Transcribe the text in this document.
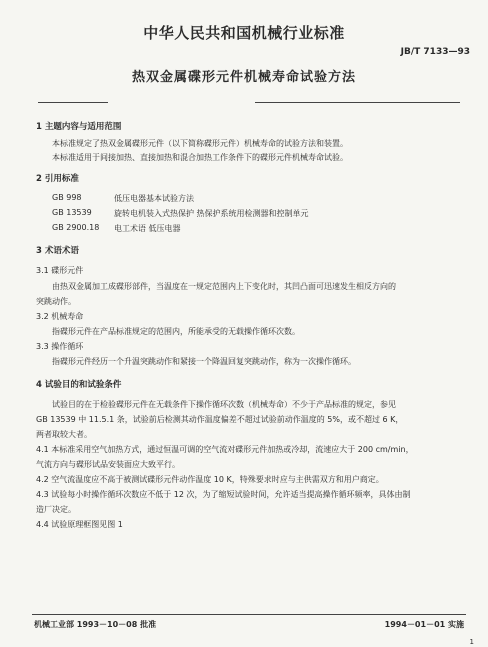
中华人民共和国机械行业标准
JB/T 7133—93
热双金属碟形元件机械寿命试验方法
1 主题内容与适用范围
本标准规定了热双金属碟形元件（以下简称碟形元件）机械寿命的试验方法和装置。
本标准适用于间接加热、直接加热和混合加热工作条件下的碟形元件机械寿命试验。
2 引用标准
GB 998	低压电器基本试验方法
GB 13539	旋转电机装入式热保护 热保护系统用检测器和控制单元
GB 2900.18 电工术语 低压电器
3 术语术语
3.1 碟形元件
由热双金属加工成碟形部件，当温度在一规定范围内上下变化时，其凹凸面可迅速发生相反方向的
突跳动作。
3.2 机械寿命
指碟形元件在产品标准规定的范围内，所能承受的无载操作循环次数。
3.3 操作循环
指碟形元件经历一个升温突跳动作和紧接一个降温回复突跳动作，称为一次操作循环。
4 试验目的和试验条件
试验目的在于检验碟形元件在无载条件下操作循环次数（机械寿命）不少于产品标准的规定，参见
GB 13539 中 11.5.1 条，试验前后检测其动作温度偏差不超过试验前动作温度的 5%，或不超过 6 K，
两者取较大者。
4.1 本标准采用空气加热方式，通过恒温可调的空气流对碟形元件加热或冷却，流速应大于 200 cm/min，
气流方向与碟形试品安装面应大致平行。
4.2 空气流温度应不高于被测试碟形元件动作温度 10 K，特殊要求时应与主供需双方和用户商定。
4.3 试验每小时操作循环次数应不低于 12 次，为了缩短试验时间，允许适当提高操作循环频率，具体由制
造厂决定。
4.4 试验原理框图见图 1
机械工业部 1993－10－08 批准	1994－01－01 实施
1
